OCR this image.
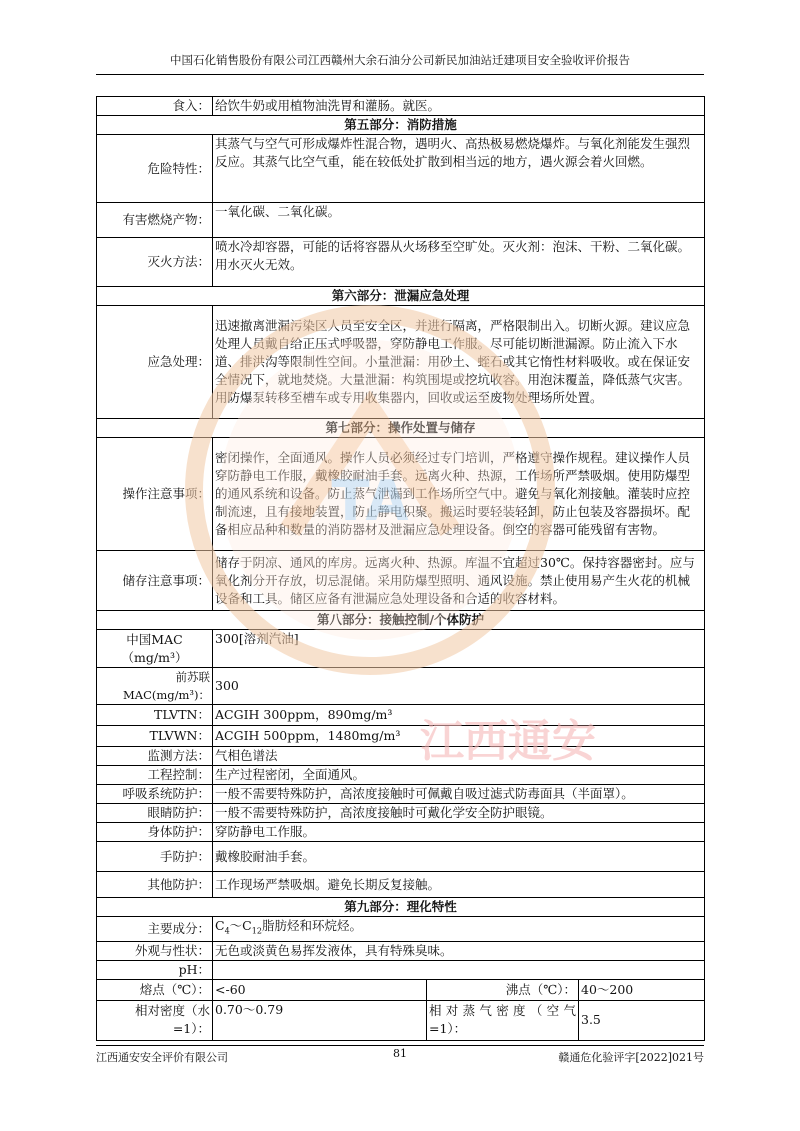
中国石化销售股份有限公司江西赣州大余石油分公司新民加油站迁建项目安全验收评价报告
食入：	给饮牛奶或用植物油洗胃和灌肠。就医。		
第五部分：消防措施			
危险特性：	其蒸气与空气可形成爆炸性混合物，遇明火、高热极易燃烧爆炸。与氧化剂能发生强烈反应。其蒸气比空气重，能在较低处扩散到相当远的地方，遇火源会着火回燃。		
有害燃烧产物：	一氧化碳、二氧化碳。		
灭火方法：	喷水冷却容器，可能的话将容器从火场移至空旷处。灭火剂：泡沫、干粉、二氧化碳。用水灭火无效。		
第六部分：泄漏应急处理			
应急处理：	迅速撤离泄漏污染区人员至安全区，并进行隔离，严格限制出入。切断火源。建议应急处理人员戴自给正压式呼吸器，穿防静电工作服。尽可能切断泄漏源。防止流入下水道、排洪沟等限制性空间。小量泄漏：用砂土、蛭石或其它惰性材料吸收。或在保证安全情况下，就地焚烧。大量泄漏：构筑围堤或挖坑收容。用泡沫覆盖，降低蒸气灾害。用防爆泵转移至槽车或专用收集器内，回收或运至废物处理场所处置。		
第七部分：操作处置与储存			
操作注意事项：	密闭操作，全面通风。操作人员必须经过专门培训，严格遵守操作规程。建议操作人员穿防静电工作服，戴橡胶耐油手套。远离火种、热源，工作场所严禁吸烟。使用防爆型的通风系统和设备。防止蒸气泄漏到工作场所空气中。避免与氧化剂接触。灌装时应控制流速，且有接地装置，防止静电积聚。搬运时要轻装轻卸，防止包装及容器损坏。配备相应品种和数量的消防器材及泄漏应急处理设备。倒空的容器可能残留有害物。		
储存注意事项：	储存于阴凉、通风的库房。远离火种、热源。库温不宜超过30℃。保持容器密封。应与氧化剂分开存放，切忌混储。采用防爆型照明、通风设施。禁止使用易产生火花的机械设备和工具。储区应备有泄漏应急处理设备和合适的收容材料。		
第八部分：接触控制/个体防护			
中国MAC（mg/m³）	300[溶剂汽油]		
前苏联MAC(mg/m³)：	300		
TLVTN：	ACGIH 300ppm，890mg/m³		
TLVWN：	ACGIH 500ppm，1480mg/m³		
监测方法：	气相色谱法		
工程控制：	生产过程密闭，全面通风。		
呼吸系统防护：	一般不需要特殊防护，高浓度接触时可佩戴自吸过滤式防毒面具（半面罩）。		
眼睛防护：	一般不需要特殊防护，高浓度接触时可戴化学安全防护眼镜。		
身体防护：	穿防静电工作服。		
手防护：	戴橡胶耐油手套。		
其他防护：	工作现场严禁吸烟。避免长期反复接触。		
第九部分：理化特性			
主要成分：	$C_4\sim C_{12}$脂肪烃和环烷烃。		
外观与性状：	无色或淡黄色易挥发液体，具有特殊臭味。		
pH：			
熔点（℃）：	<-60	沸点（℃）：	40～200
相对密度（水=1）：	0.70～0.79	相对蒸气密度（空气=1）：	3.5
TA
江西通安
江西通安安全评价有限公司	81	赣通危化验评字[2022]021号
